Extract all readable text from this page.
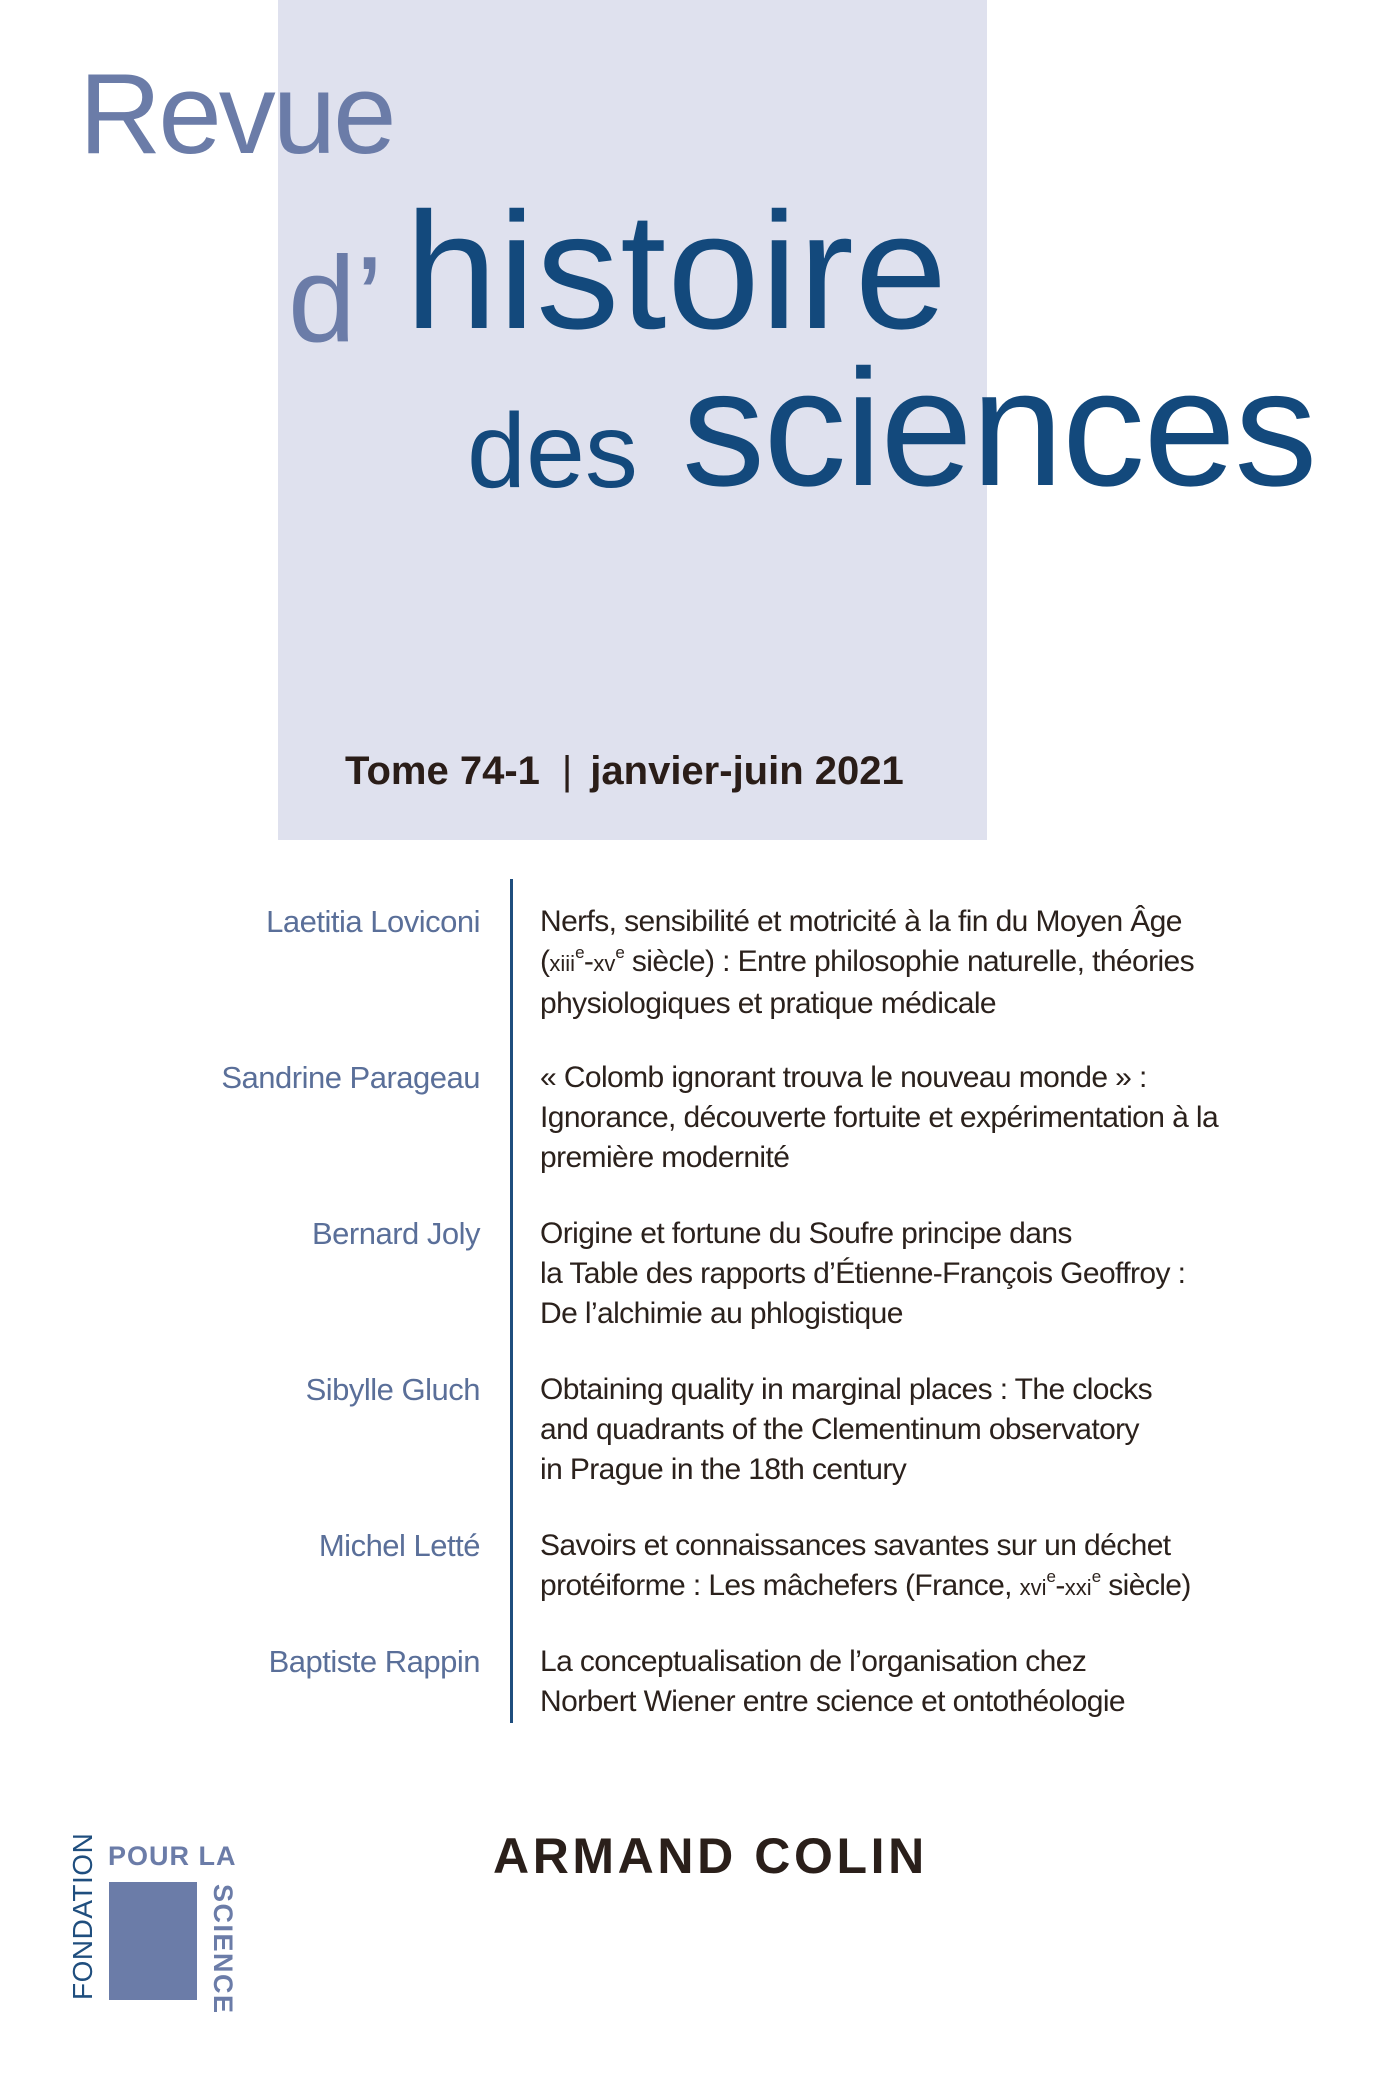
Revue
d’ histoire
des sciences
Tome 74-1 | janvier-juin 2021
Laetitia Loviconi Nerfs, sensibilité et motricité à la fin du Moyen Âge
($xiii^e-xv^e$ siècle) : Entre philosophie naturelle, théories
physiologiques et pratique médicale
Sandrine Parageau « Colomb ignorant trouva le nouveau monde » :
Ignorance, découverte fortuite et expérimentation à la
première modernité
Bernard Joly Origine et fortune du Soufre principe dans
la Table des rapports d’Étienne-François Geoffroy :
De l’alchimie au phlogistique
Sibylle Gluch Obtaining quality in marginal places : The clocks
and quadrants of the Clementinum observatory
in Prague in the 18th century
Michel Letté Savoirs et connaissances savantes sur un déchet
protéiforme : Les mâchefers (France, xvi$^e$-xxi$^e$ siècle)
Baptiste Rappin La conceptualisation de l’organisation chez
Norbert Wiener entre science et ontothéologie
ARMAND COLIN
FONDATION POUR LA
SCIENCE
